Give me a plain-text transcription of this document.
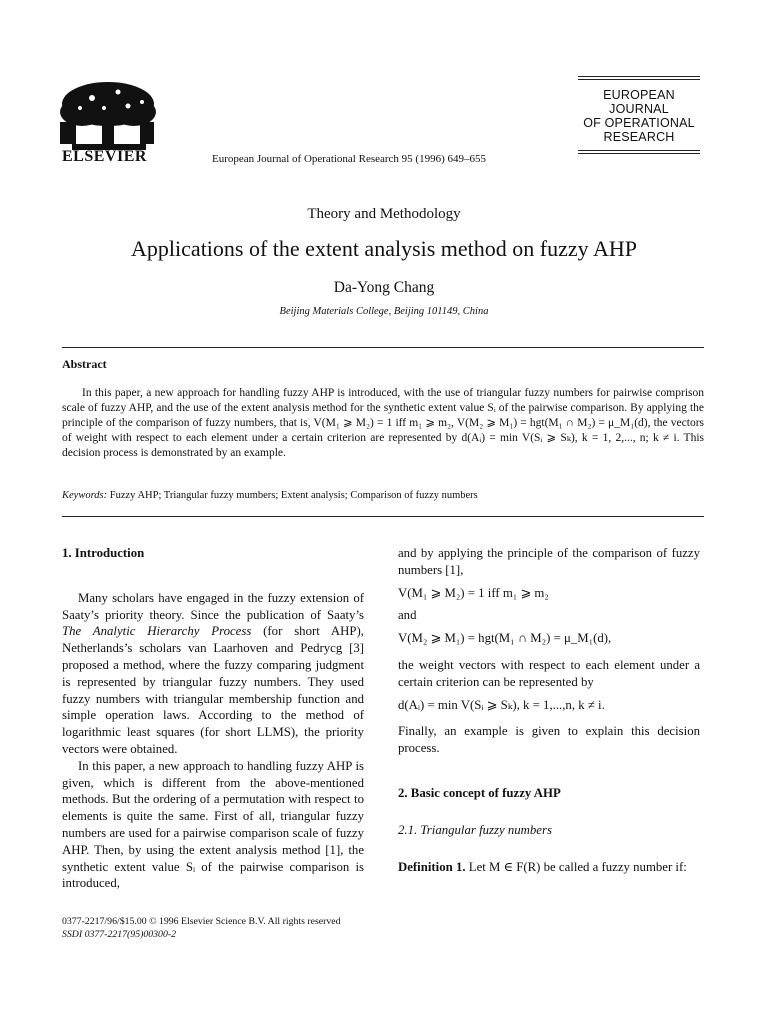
ELSEVIER	European Journal of Operational Research 95 (1996) 649–655
EUROPEAN
JOURNAL
OF OPERATIONAL
RESEARCH
Theory and Methodology
Applications of the extent analysis method on fuzzy AHP
Da-Yong Chang
Beijing Materials College, Beijing 101149, China
Abstract
In this paper, a new approach for handling fuzzy AHP is introduced, with the use of triangular fuzzy numbers for pairwise comprison scale of fuzzy AHP, and the use of the extent analysis method for the synthetic extent value Sᵢ of the pairwise comparison. By applying the principle of the comparison of fuzzy numbers, that is, V(M₁ ⩾ M₂) = 1 iff m₁ ⩾ m₂, V(M₂ ⩾ M₁) = hgt(M₁ ∩ M₂) = μ_M₁(d), the vectors of weight with respect to each element under a certain criterion are represented by d(Aᵢ) = min V(Sᵢ ⩾ Sₖ), k = 1, 2,..., n; k ≠ i. This decision process is demonstrated by an example.
Keywords: Fuzzy AHP; Triangular fuzzy mumbers; Extent analysis; Comparison of fuzzy numbers

1. Introduction

Many scholars have engaged in the fuzzy extension of Saaty’s priority theory. Since the publication of Saaty’s The Analytic Hierarchy Process (for short AHP), Netherlands’s scholars van Laarhoven and Pedrycg [3] proposed a method, where the fuzzy comparing judgment is represented by triangular fuzzy numbers. They used fuzzy numbers with triangular membership function and simple operation laws. According to the method of logarithmic least squares (for short LLMS), the priority vectors were obtained.

In this paper, a new approach to handling fuzzy AHP is given, which is different from the above-mentioned methods. But the ordering of a permutation with respect to elements is quite the same. First of all, triangular fuzzy numbers are used for a pairwise comparison scale of fuzzy AHP. Then, by using the extent analysis method [1], the synthetic extent value Sᵢ of the pairwise comparison is introduced,

and by applying the principle of the comparison of fuzzy numbers [1],

V(M₁ ⩾ M₂) = 1 iff m₁ ⩾ m₂

and

V(M₂ ⩾ M₁) = hgt(M₁ ∩ M₂) = μ_M₁(d),

the weight vectors with respect to each element under a certain criterion can be represented by

d(Aᵢ) = min V(Sᵢ ⩾ Sₖ), k = 1,...,n, k ≠ i.

Finally, an example is given to explain this decision process.

2. Basic concept of fuzzy AHP

2.1. Triangular fuzzy numbers

Definition 1. Let M ∈ F(R) be called a fuzzy number if:

0377-2217/96/$15.00 © 1996 Elsevier Science B.V. All rights reserved
SSDI 0377-2217(95)00300-2
